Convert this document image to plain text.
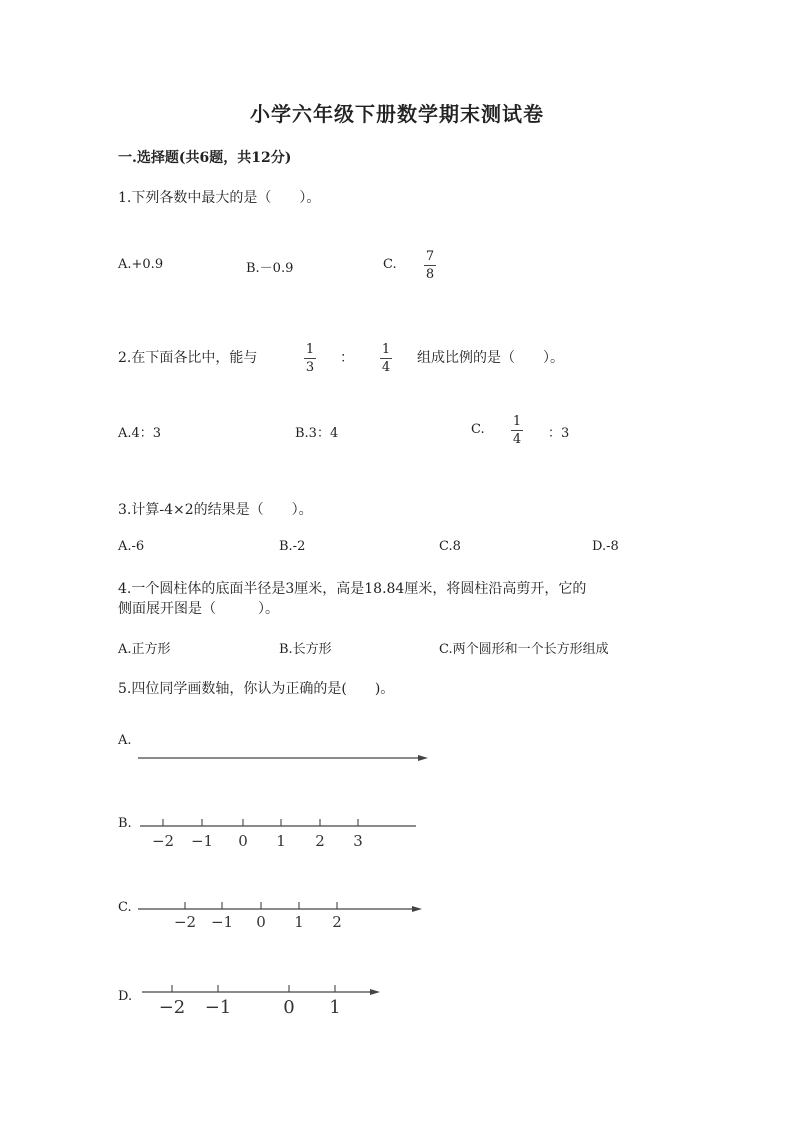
小学六年级下册数学期末测试卷
一.选择题(共6题，共12分)
1.下列各数中最大的是（　　）。
A.+0.9	B.－0.9	C.
7
8
2.在下面各比中，能与
1
3
：
1
4
组成比例的是（　　）。
A.4：3	B.3：4	C.
1
4 ：3
3.计算-4×2的结果是（　　）。
A.-6	B.-2	C.8	D.-8
4.一个圆柱体的底面半径是3厘米，高是18.84厘米，将圆柱沿高剪开，它的
侧面展开图是（　　　）。
A.正方形	B.长方形	C.两个圆形和一个长方形组成
5.四位同学画数轴，你认为正确的是(　　)。
A.
B.
−2 −1 0 1 2 3
C.
−2 −1 0 1 2
D.
−2 −1	0 1
